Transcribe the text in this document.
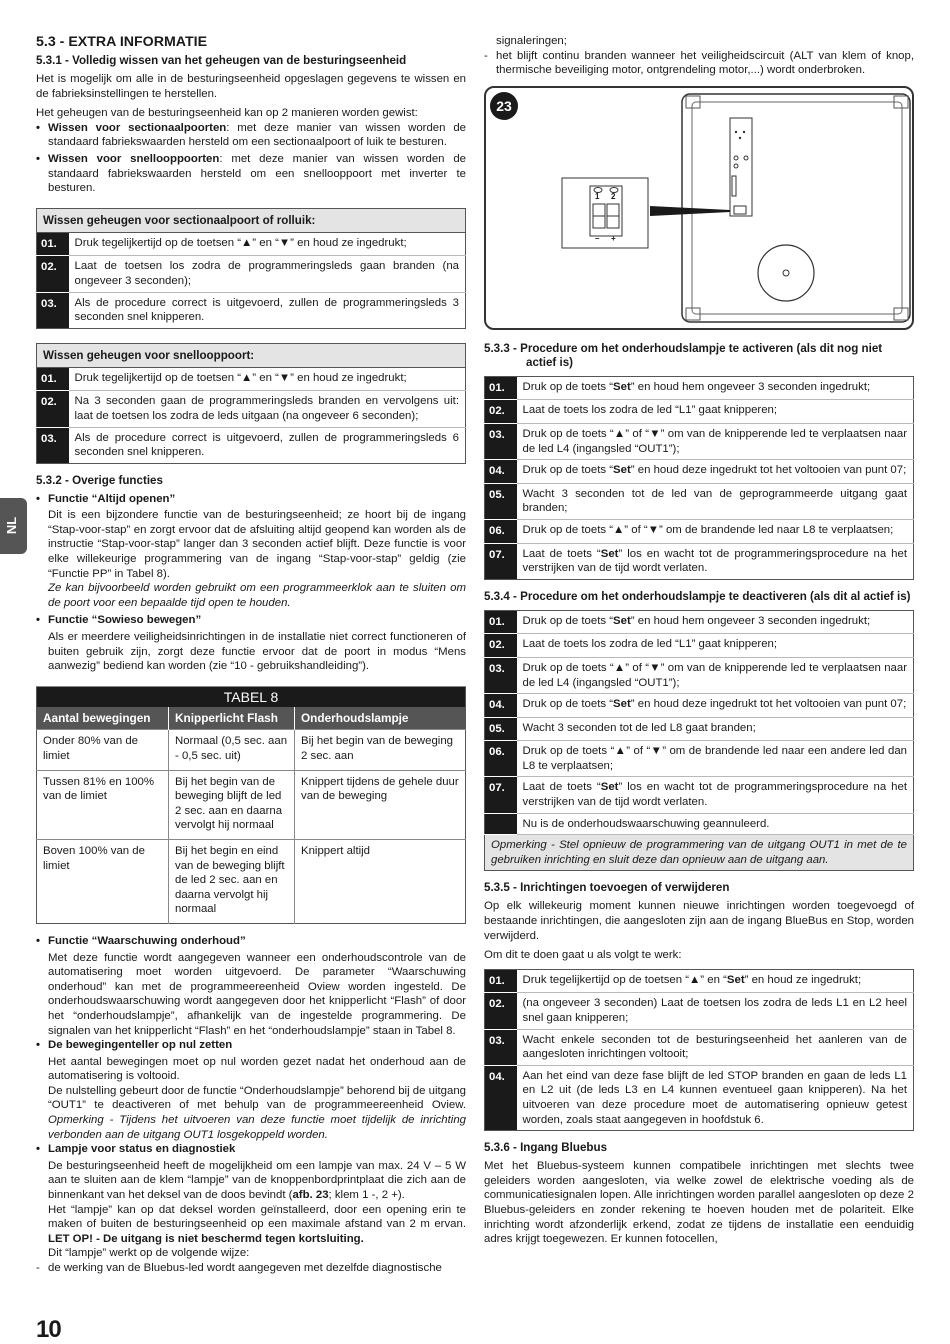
NL
5.3 - EXTRA INFORMATIE
5.3.1 - Volledig wissen van het geheugen van de besturingseenheid

Het is mogelijk om alle in de besturingseenheid opgeslagen gegevens te wissen en de fabrieksinstellingen te herstellen.

Het geheugen van de besturingseenheid kan op 2 manieren worden gewist:

• Wissen voor sectionaalpoorten: met deze manier van wissen worden de standaard fabriekswaarden hersteld om een sectionaalpoort of luik te besturen.
• Wissen voor snellooppoorten: met deze manier van wissen worden de standaard fabriekswaarden hersteld om een snellooppoort met inverter te besturen.
Wissen geheugen voor sectionaalpoort of rolluik:	
01.	Druk tegelijkertijd op de toetsen “▲” en “▼” en houd ze ingedrukt;
02.	Laat de toetsen los zodra de programmeringsleds gaan branden (na ongeveer 3 seconden);
03.	Als de procedure correct is uitgevoerd, zullen de programmeringsleds 3 seconden snel knipperen.
Wissen geheugen voor snellooppoort:	
01.	Druk tegelijkertijd op de toetsen “▲” en “▼” en houd ze ingedrukt;
02.	Na 3 seconden gaan de programmeringsleds branden en vervolgens uit: laat de toetsen los zodra de leds uitgaan (na ongeveer 6 seconden);
03.	Als de procedure correct is uitgevoerd, zullen de programmeringsleds 6 seconden snel knipperen.
5.3.2 - Overige functies
• Functie “Altijd openen”

Dit is een bijzondere functie van de besturingseenheid; ze hoort bij de ingang “Stap-voor-stap” en zorgt ervoor dat de afsluiting altijd geopend kan worden als de instructie “Stap-voor-stap” langer dan 3 seconden actief blijft. Deze functie is voor elke willekeurige programmering van de ingang “Stap-voor-stap” geldig (zie “Functie PP” in Tabel 8).

Ze kan bijvoorbeeld worden gebruikt om een programmeerklok aan te sluiten om de poort voor een bepaalde tijd open te houden.

• Functie “Sowieso bewegen”

Als er meerdere veiligheidsinrichtingen in de installatie niet correct functioneren of buiten gebruik zijn, zorgt deze functie ervoor dat de poort in modus “Mens aanwezig” bediend kan worden (zie “10 - gebruikshandleiding”).

TABEL 8		
Aantal bewegingen	Knipperlicht Flash	Onderhoudslampje
Onder 80% van de limiet	Normaal (0,5 sec. aan - 0,5 sec. uit)	Bij het begin van de beweging 2 sec. aan
Tussen 81% en 100% van de limiet	Bij het begin van de beweging blijft de led 2 sec. aan en daarna vervolgt hij normaal	Knippert tijdens de gehele duur van de beweging
Boven 100% van de limiet	Bij het begin en eind van de beweging blijft de led 2 sec. aan en daarna vervolgt hij normaal	Knippert altijd
• Functie “Waarschuwing onderhoud”

Met deze functie wordt aangegeven wanneer een onderhoudscontrole van de automatisering moet worden uitgevoerd. De parameter “Waarschuwing onderhoud” kan met de programmeereenheid Oview worden ingesteld. De onderhoudswaarschuwing wordt aangegeven door het knipperlicht “Flash” of door het “onderhoudslampje”, afhankelijk van de ingestelde programmering. De signalen van het knipperlicht “Flash” en het “onderhoudslampje” staan in Tabel 8.

• De bewegingenteller op nul zetten

Het aantal bewegingen moet op nul worden gezet nadat het onderhoud aan de automatisering is voltooid.

De nulstelling gebeurt door de functie “Onderhoudslampje” behorend bij de uitgang “OUT1” te deactiveren of met behulp van de programmeereenheid Oview. Opmerking - Tijdens het uitvoeren van deze functie moet tijdelijk de inrichting verbonden aan de uitgang OUT1 losgekoppeld worden.

• Lampje voor status en diagnostiek

De besturingseenheid heeft de mogelijkheid om een lampje van max. 24 V – 5 W aan te sluiten aan de klem “lampje” van de knoppenbordprintplaat die zich aan de binnenkant van het deksel van de doos bevindt (afb. 23; klem 1 -, 2 +).

Het “lampje” kan op dat deksel worden geïnstalleerd, door een opening erin te maken of buiten de besturingseenheid op een maximale afstand van 2 m ervan. LET OP! - De uitgang is niet beschermd tegen kortsluiting.

Dit “lampje” werkt op de volgende wijze:

- de werking van de Bluebus-led wordt aangegeven met dezelfde diagnostische

signaleringen;

- het blijft continu branden wanneer het veiligheidscircuit (ALT van klem of knop, thermische beveiliging motor, ontgrendeling motor,...) wordt onderbroken.
23
1 2
– +
5.3.3 - Procedure om het onderhoudslampje te activeren (als dit nog niet actief is)
01.	Druk op de toets “Set” en houd hem ongeveer 3 seconden ingedrukt;
02.	Laat de toets los zodra de led “L1” gaat knipperen;
03.	Druk op de toets “▲” of “▼” om van de knipperende led te verplaatsen naar de led L4 (ingangsled “OUT1”);
04.	Druk op de toets “Set” en houd deze ingedrukt tot het voltooien van punt 07;
05.	Wacht 3 seconden tot de led van de geprogrammeerde uitgang gaat branden;
06.	Druk op de toets “▲” of “▼” om de brandende led naar L8 te verplaatsen;
07.	Laat de toets “Set” los en wacht tot de programmeringsprocedure na het verstrijken van de tijd wordt verlaten.
5.3.4 - Procedure om het onderhoudslampje te deactiveren (als dit al actief is)
01.	Druk op de toets “Set” en houd hem ongeveer 3 seconden ingedrukt;
02.	Laat de toets los zodra de led “L1” gaat knipperen;
03.	Druk op de toets “▲” of “▼” om van de knipperende led te verplaatsen naar de led L4 (ingangsled “OUT1”);
04.	Druk op de toets “Set” en houd deze ingedrukt tot het voltooien van punt 07;
05.	Wacht 3 seconden tot de led L8 gaat branden;
06.	Druk op de toets “▲” of “▼” om de brandende led naar een andere led dan L8 te verplaatsen;
07.	Laat de toets “Set” los en wacht tot de programmeringsprocedure na het verstrijken van de tijd wordt verlaten.
	Nu is de onderhoudswaarschuwing geannuleerd.
Opmerking - Stel opnieuw de programmering van de uitgang OUT1 in met de te gebruiken inrichting en sluit deze dan opnieuw aan de uitgang aan.	
5.3.5 - Inrichtingen toevoegen of verwijderen

Op elk willekeurig moment kunnen nieuwe inrichtingen worden toegevoegd of bestaande inrichtingen, die aangesloten zijn aan de ingang BlueBus en Stop, worden verwijderd.

Om dit te doen gaat u als volgt te werk:

01.	Druk tegelijkertijd op de toetsen “▲” en “Set” en houd ze ingedrukt;
02.	(na ongeveer 3 seconden) Laat de toetsen los zodra de leds L1 en L2 heel snel gaan knipperen;
03.	Wacht enkele seconden tot de besturingseenheid het aanleren van de aangesloten inrichtingen voltooit;
04.	Aan het eind van deze fase blijft de led STOP branden en gaan de leds L1 en L2 uit (de leds L3 en L4 kunnen eventueel gaan knipperen). Na het uitvoeren van deze procedure moet de automatisering opnieuw getest worden, zoals staat aangegeven in hoofdstuk 6.
5.3.6 - Ingang Bluebus

Met het Bluebus-systeem kunnen compatibele inrichtingen met slechts twee geleiders worden aangesloten, via welke zowel de elektrische voeding als de communicatiesignalen lopen. Alle inrichtingen worden parallel aangesloten op deze 2 Bluebus-geleiders en zonder rekening te hoeven houden met de polariteit. Elke inrichting wordt afzonderlijk erkend, zodat ze tijdens de installatie een eenduidig adres krijgt toegewezen. Er kunnen fotocellen,

10
